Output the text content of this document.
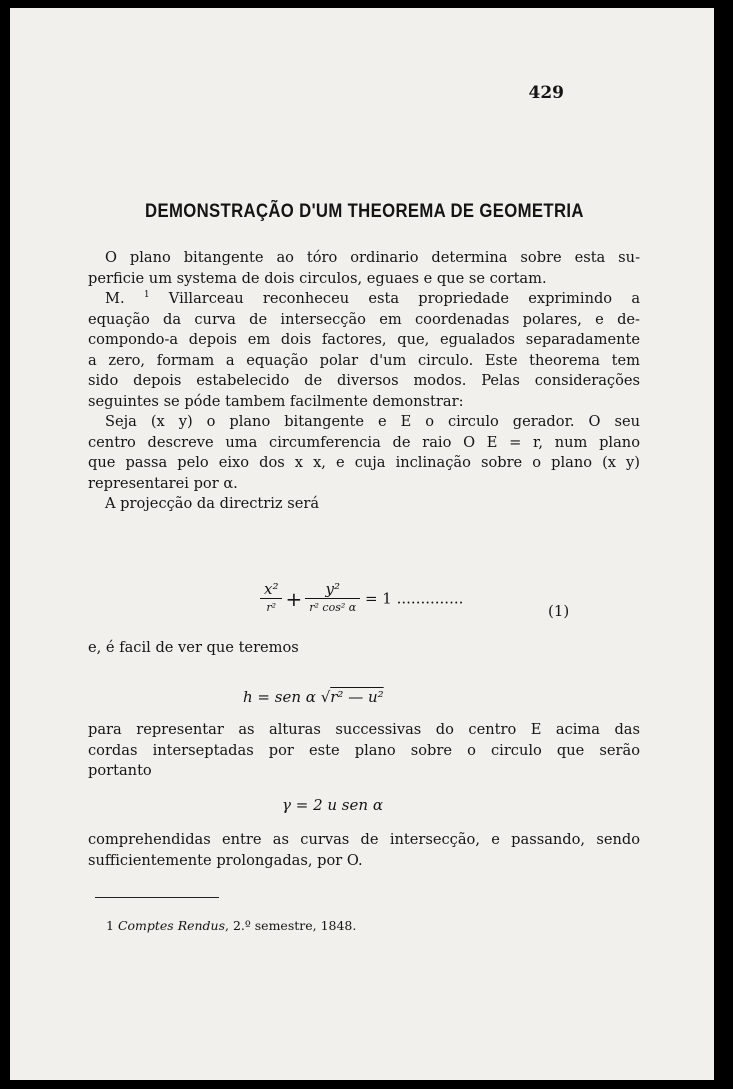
429
DEMONSTRAÇÃO D'UM THEOREMA DE GEOMETRIA
O plano bitangente ao tóro ordinario determina sobre esta su-
perficie um systema de dois circulos, eguaes e que se cortam.
M. $^1$ Villarceau reconheceu esta propriedade exprimindo a
equação da curva de intersecção em coordenadas polares, e de-
compondo-a depois em dois factores, que, egualados separadamente
a zero, formam a equação polar d'um circulo. Este theorema tem
sido depois estabelecido de diversos modos. Pelas considerações
seguintes se póde tambem facilmente demonstrar:
Seja (x y) o plano bitangente e E o circulo gerador. O seu
centro descreve uma circumferencia de raio O E = r, num plano
que passa pelo eixo dos x x, e cuja inclinação sobre o plano (x y)
representarei por α.
A projecção da directriz será
$\frac{\text{x²}}{\text{r²}} + \frac{\text{y²}}{\text{r² cos² α}} = 1$ ..............
(1)
e, é facil de ver que teremos
h = sen α √r² — u²
para representar as alturas successivas do centro E acima das
cordas interseptadas por este plano sobre o circulo que serão
portanto
γ = 2 u sen α
comprehendidas entre as curvas de intersecção, e passando, sendo
sufficientemente prolongadas, por O.
1 Comptes Rendus, 2.º semestre, 1848.
